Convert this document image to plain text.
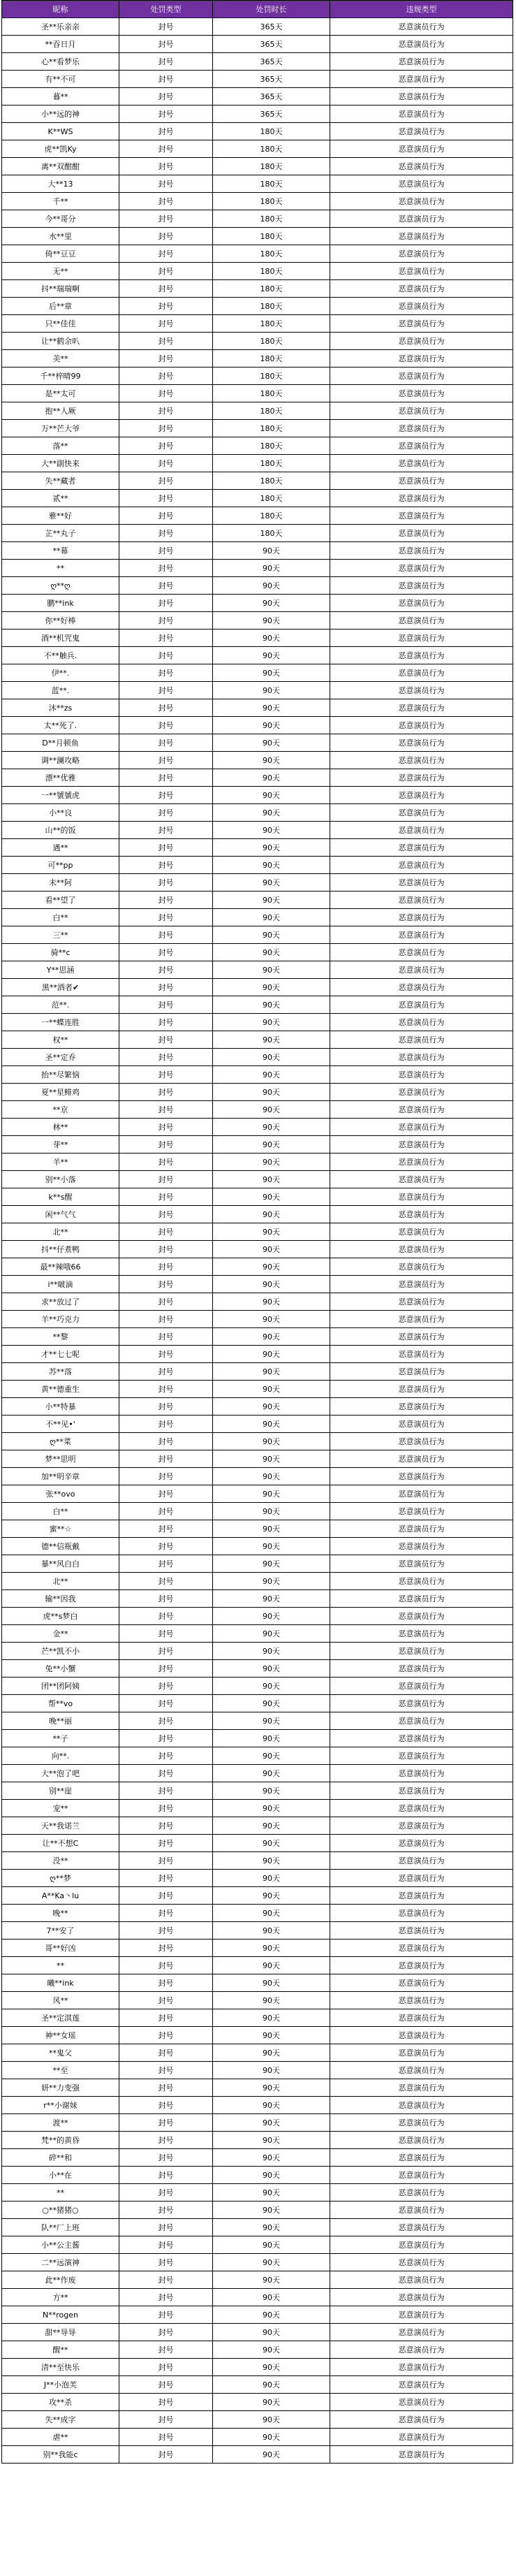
昵称	处罚类型	处罚时长	违规类型
圣**乐亲亲	封号	365天	恶意演员行为
**吞日月	封号	365天	恶意演员行为
心**看梦乐	封号	365天	恶意演员行为
有**不可	封号	365天	恶意演员行为
暮**	封号	365天	恶意演员行为
小**远的神	封号	365天	恶意演员行为
K**WS	封号	180天	恶意演员行为
虎**凯Ky	封号	180天	恶意演员行为
离**双酣酣	封号	180天	恶意演员行为
大**13	封号	180天	恶意演员行为
千**	封号	180天	恶意演员行为
今**哥分	封号	180天	恶意演员行为
水**里	封号	180天	恶意演员行为
倚**豆豆	封号	180天	恶意演员行为
无**	封号	180天	恶意演员行为
抖**瑞瑞啊	封号	180天	恶意演员行为
后**章	封号	180天	恶意演员行为
只**佳佳	封号	180天	恶意演员行为
让**鹤余叭	封号	180天	恶意演员行为
美**	封号	180天	恶意演员行为
千**梓晴99	封号	180天	恶意演员行为
是**太可	封号	180天	恶意演员行为
抱**人厥	封号	180天	恶意演员行为
万**芒大爷	封号	180天	恶意演员行为
落**	封号	180天	恶意演员行为
大**副快来	封号	180天	恶意演员行为
失**藏者	封号	180天	恶意演员行为
贰**	封号	180天	恶意演员行为
雅**好	封号	180天	恶意演员行为
芷**丸子	封号	180天	恶意演员行为
**幕	封号	90天	恶意演员行为
**	封号	90天	恶意演员行为
ღ**ღ	封号	90天	恶意演员行为
鹏**ink	封号	90天	恶意演员行为
你**好棒	封号	90天	恶意演员行为
酒**机咒鬼	封号	90天	恶意演员行为
不**触兵.	封号	90天	恶意演员行为
伊**.	封号	90天	恶意演员行为
蓝**.	封号	90天	恶意演员行为
沐**zs	封号	90天	恶意演员行为
太**死了.	封号	90天	恶意演员行为
D**月顿鱼	封号	90天	恶意演员行为
调**澜攻略	封号	90天	恶意演员行为
漂**优雅	封号	90天	恶意演员行为
一**號號虎	封号	90天	恶意演员行为
小**良	封号	90天	恶意演员行为
山**的饭	封号	90天	恶意演员行为
遇**	封号	90天	恶意演员行为
可**pp	封号	90天	恶意演员行为
未**阿	封号	90天	恶意演员行为
看**望了	封号	90天	恶意演员行为
白**	封号	90天	恶意演员行为
三**	封号	90天	恶意演员行为
骑**c	封号	90天	恶意演员行为
Y**思涵	封号	90天	恶意演员行为
黑**酒者✔	封号	90天	恶意演员行为
范**.	封号	90天	恶意演员行为
一**蝶连胜	封号	90天	恶意演员行为
权**	封号	90天	恶意演员行为
圣**定乔	封号	90天	恶意演员行为
抬**尽繁恼	封号	90天	恶意演员行为
夏**星鲱鸡	封号	90天	恶意演员行为
**京	封号	90天	恶意演员行为
林**	封号	90天	恶意演员行为
芽**	封号	90天	恶意演员行为
羊**	封号	90天	恶意演员行为
别**小落	封号	90天	恶意演员行为
k**s醒	封号	90天	恶意演员行为
闲**气气	封号	90天	恶意演员行为
北**	封号	90天	恶意演员行为
抖**仔煮鸭	封号	90天	恶意演员行为
最**辣哦66	封号	90天	恶意演员行为
i**啵滴	封号	90天	恶意演员行为
求**放过了	封号	90天	恶意演员行为
羊**巧克力	封号	90天	恶意演员行为
**黎	封号	90天	恶意演员行为
才**七七呢	封号	90天	恶意演员行为
苏**落	封号	90天	恶意演员行为
黄**德重生	封号	90天	恶意演员行为
小**特暴	封号	90天	恶意演员行为
不**见•'	封号	90天	恶意演员行为
ღ**菜	封号	90天	恶意演员行为
梦**思明	封号	90天	恶意演员行为
加**明辛章	封号	90天	恶意演员行为
张**ovo	封号	90天	恶意演员行为
白**	封号	90天	恶意演员行为
蜜**☆	封号	90天	恶意演员行为
德**信瓶戴	封号	90天	恶意演员行为
暴**风白白	封号	90天	恶意演员行为
北**	封号	90天	恶意演员行为
输**因我	封号	90天	恶意演员行为
虎**s梦白	封号	90天	恶意演员行为
金**	封号	90天	恶意演员行为
芒**凯不小	封号	90天	恶意演员行为
兔**小蟹	封号	90天	恶意演员行为
团**团阿姨	封号	90天	恶意演员行为
帮**vo	封号	90天	恶意演员行为
晚**丽	封号	90天	恶意演员行为
**子	封号	90天	恶意演员行为
向**.	封号	90天	恶意演员行为
大**泡了吧	封号	90天	恶意演员行为
别**崖	封号	90天	恶意演员行为
宠**	封号	90天	恶意演员行为
天**我诺兰	封号	90天	恶意演员行为
让**不想C	封号	90天	恶意演员行为
没**	封号	90天	恶意演员行为
ღ**梦	封号	90天	恶意演员行为
A**Ka丶lu	封号	90天	恶意演员行为
晚**	封号	90天	恶意演员行为
7**安了	封号	90天	恶意演员行为
哥**好凶	封号	90天	恶意演员行为
**	封号	90天	恶意演员行为
曦**ink	封号	90天	恶意演员行为
风**	封号	90天	恶意演员行为
圣**定淇莲	封号	90天	恶意演员行为
神**女瑶	封号	90天	恶意演员行为
**鬼父	封号	90天	恶意演员行为
**至	封号	90天	恶意演员行为
妍**力变强	封号	90天	恶意演员行为
r**小谢妹	封号	90天	恶意演员行为
渡**	封号	90天	恶意演员行为
梵**的黄昏	封号	90天	恶意演员行为
碎**和	封号	90天	恶意演员行为
小**在	封号	90天	恶意演员行为
**	封号	90天	恶意演员行为
○**猪猪○	封号	90天	恶意演员行为
队**厂上班	封号	90天	恶意演员行为
小**公主酱	封号	90天	恶意演员行为
二**远演神	封号	90天	恶意演员行为
此**作废	封号	90天	恶意演员行为
方**	封号	90天	恶意演员行为
N**rogen	封号	90天	恶意演员行为
甜**导导	封号	90天	恶意演员行为
醒**	封号	90天	恶意演员行为
清**至快乐	封号	90天	恶意演员行为
J**小泡芙	封号	90天	恶意演员行为
攻**杀	封号	90天	恶意演员行为
失**成字	封号	90天	恶意演员行为
虐**	封号	90天	恶意演员行为
别**我能c	封号	90天	恶意演员行为
